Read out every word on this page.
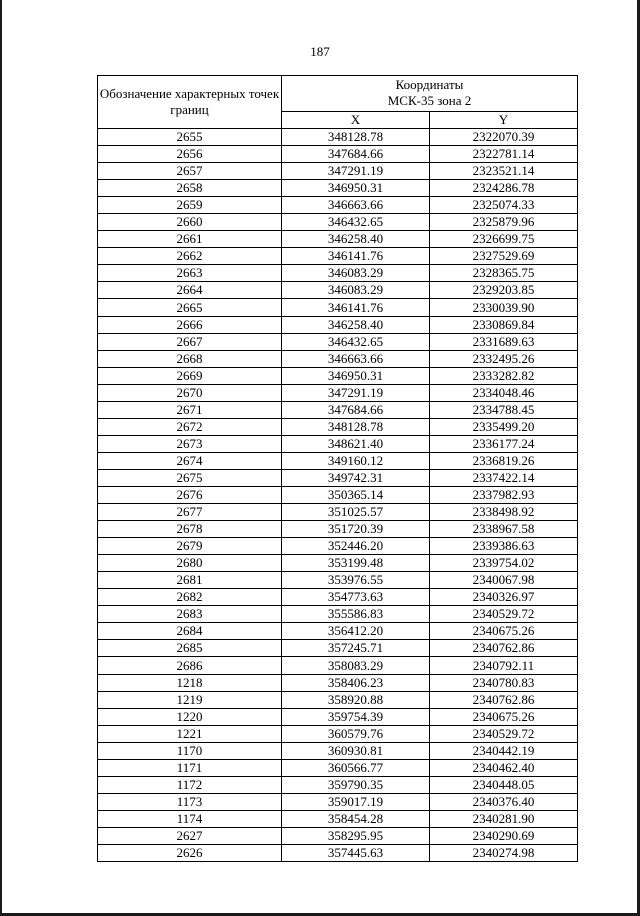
187
Обозначение характерных точек границ	Координаты
МСК-35 зона 2	

	X	Y
2655	348128.78	2322070.39
2656	347684.66	2322781.14
2657	347291.19	2323521.14
2658	346950.31	2324286.78
2659	346663.66	2325074.33
2660	346432.65	2325879.96
2661	346258.40	2326699.75
2662	346141.76	2327529.69
2663	346083.29	2328365.75
2664	346083.29	2329203.85
2665	346141.76	2330039.90
2666	346258.40	2330869.84
2667	346432.65	2331689.63
2668	346663.66	2332495.26
2669	346950.31	2333282.82
2670	347291.19	2334048.46
2671	347684.66	2334788.45
2672	348128.78	2335499.20
2673	348621.40	2336177.24
2674	349160.12	2336819.26
2675	349742.31	2337422.14
2676	350365.14	2337982.93
2677	351025.57	2338498.92
2678	351720.39	2338967.58
2679	352446.20	2339386.63
2680	353199.48	2339754.02
2681	353976.55	2340067.98
2682	354773.63	2340326.97
2683	355586.83	2340529.72
2684	356412.20	2340675.26
2685	357245.71	2340762.86
2686	358083.29	2340792.11
1218	358406.23	2340780.83
1219	358920.88	2340762.86
1220	359754.39	2340675.26
1221	360579.76	2340529.72
1170	360930.81	2340442.19
1171	360566.77	2340462.40
1172	359790.35	2340448.05
1173	359017.19	2340376.40
1174	358454.28	2340281.90
2627	358295.95	2340290.69
2626	357445.63	2340274.98
